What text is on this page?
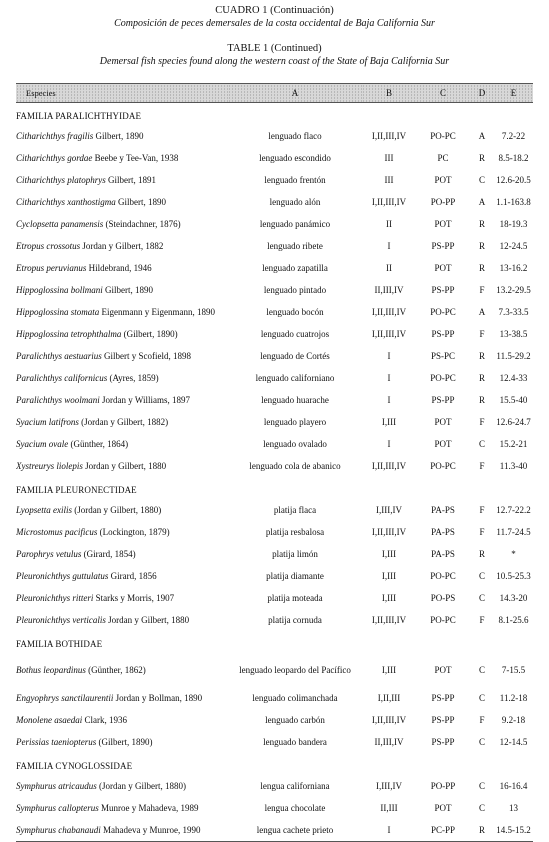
CUADRO 1 (Continuación)
Composición de peces demersales de la costa occidental de Baja California Sur
TABLE 1 (Continued)
Demersal fish species found along the western coast of the State of Baja California Sur
Especies	A	B	C	D	E
FAMILIA PARALICHTHYIDAE					
Citharichthys fragilis Gilbert, 1890	lenguado flaco	I,II,III,IV	PO-PC	A	7.2-22
Citharichthys gordae Beebe y Tee-Van, 1938	lenguado escondido	III	PC	R	8.5-18.2
Citharichthys platophrys Gilbert, 1891	lenguado frentón	III	POT	C	12.6-20.5
Citharichthys xanthostigma Gilbert, 1890	lenguado alón	I,II,III,IV	PO-PP	A	1.1-163.8
Cyclopsetta panamensis (Steindachner, 1876)	lenguado panámico	II	POT	R	18-19.3
Etropus crossotus Jordan y Gilbert, 1882	lenguado ribete	I	PS-PP	R	12-24.5
Etropus peruvianus Hildebrand, 1946	lenguado zapatilla	II	POT	R	13-16.2
Hippoglossina bollmani Gilbert, 1890	lenguado pintado	II,III,IV	PS-PP	F	13.2-29.5
Hippoglossina stomata Eigenmann y Eigenmann, 1890	lenguado bocón	I,II,III,IV	PO-PC	A	7.3-33.5
Hippoglossina tetrophthalma (Gilbert, 1890)	lenguado cuatrojos	I,II,III,IV	PS-PP	F	13-38.5
Paralichthys aestuarius Gilbert y Scofield, 1898	lenguado de Cortés	I	PS-PC	R	11.5-29.2
Paralichthys californicus (Ayres, 1859)	lenguado californiano	I	PO-PC	R	12.4-33
Paralichthys woolmani Jordan y Williams, 1897	lenguado huarache	I	PS-PP	R	15.5-40
Syacium latifrons (Jordan y Gilbert, 1882)	lenguado playero	I,III	POT	F	12.6-24.7
Syacium ovale (Günther, 1864)	lenguado ovalado	I	POT	C	15.2-21
Xystreurys liolepis Jordan y Gilbert, 1880	lenguado cola de abanico	I,II,III,IV	PO-PC	F	11.3-40
FAMILIA PLEURONECTIDAE					
Lyopsetta exilis (Jordan y Gilbert, 1880)	platija flaca	I,III,IV	PA-PS	F	12.7-22.2
Microstomus pacificus (Lockington, 1879)	platija resbalosa	I,II,III,IV	PA-PS	F	11.7-24.5
Parophrys vetulus (Girard, 1854)	platija limón	I,III	PA-PS	R	*
Pleuronichthys guttulatus Girard, 1856	platija diamante	I,III	PO-PC	C	10.5-25.3
Pleuronichthys ritteri Starks y Morris, 1907	platija moteada	I,III	PO-PS	C	14.3-20
Pleuronichthys verticalis Jordan y Gilbert, 1880	platija cornuda	I,II,III,IV	PO-PC	F	8.1-25.6
FAMILIA BOTHIDAE					
Bothus leopardinus (Günther, 1862)	lenguado leopardo del Pacífico	I,III	POT	C	7-15.5
Engyophrys sanctilaurentii Jordan y Bollman, 1890	lenguado colimanchada	I,II,III	PS-PP	C	11.2-18
Monolene asaedai Clark, 1936	lenguado carbón	I,II,III,IV	PS-PP	F	9.2-18
Perissias taeniopterus (Gilbert, 1890)	lenguado bandera	II,III,IV	PS-PP	C	12-14.5
FAMILIA CYNOGLOSSIDAE					
Symphurus atricaudus (Jordan y Gilbert, 1880)	lengua californiana	I,III,IV	PO-PP	C	16-16.4
Symphurus callopterus Munroe y Mahadeva, 1989	lengua chocolate	II,III	POT	C	13
Symphurus chabanaudi Mahadeva y Munroe, 1990	lengua cachete prieto	I	PC-PP	R	14.5-15.2
